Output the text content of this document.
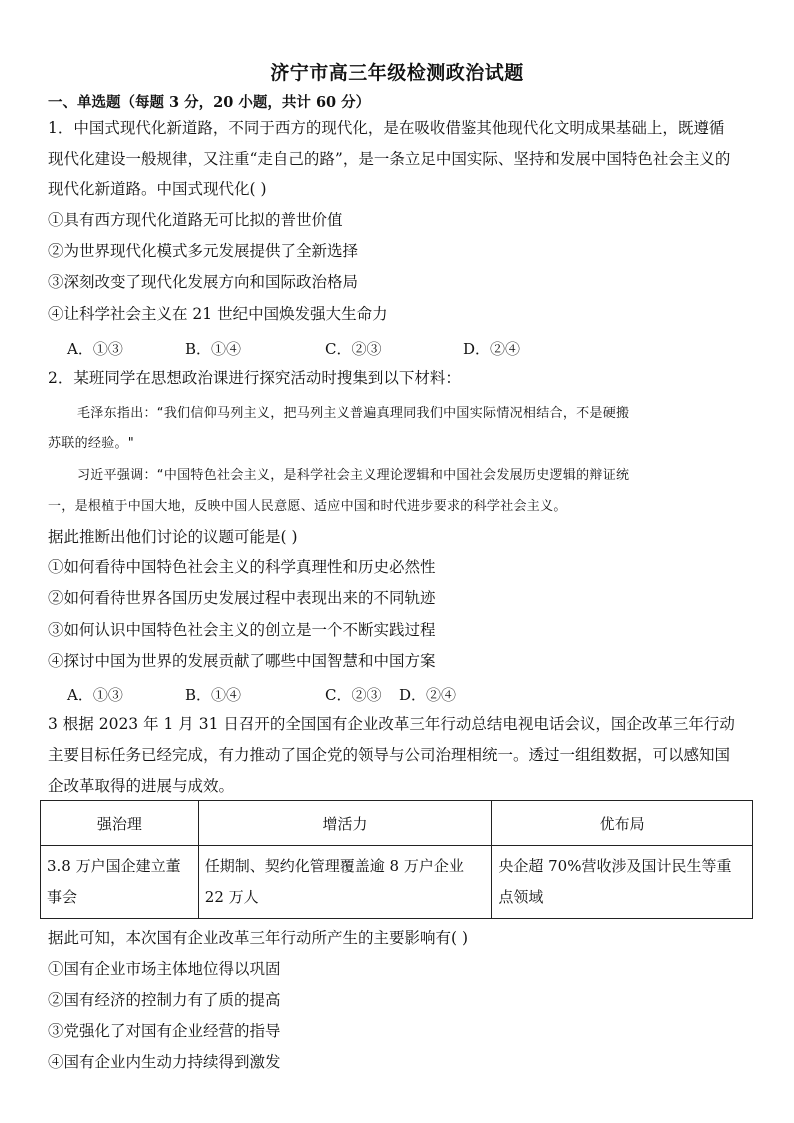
济宁市高三年级检测政治试题
一、单选题（每题 3 分，20 小题，共计 60 分）
1．中国式现代化新道路，不同于西方的现代化，是在吸收借鉴其他现代化文明成果基础上，既遵循
现代化建设一般规律，又注重“走自己的路”，是一条立足中国实际、坚持和发展中国特色社会主义的
现代化新道路。中国式现代化( )
①具有西方现代化道路无可比拟的普世价值
②为世界现代化模式多元发展提供了全新选择
③深刻改变了现代化发展方向和国际政治格局
④让科学社会主义在 21 世纪中国焕发强大生命力
A．①③	B．①④	C．②③	D．②④
2．某班同学在思想政治课进行探究活动时搜集到以下材料：
毛泽东指出：“我们信仰马列主义，把马列主义普遍真理同我们中国实际情况相结合，不是硬搬
苏联的经验。"
习近平强调：“中国特色社会主义，是科学社会主义理论逻辑和中国社会发展历史逻辑的辩证统
一，是根植于中国大地，反映中国人民意愿、适应中国和时代进步要求的科学社会主义。
据此推断出他们讨论的议题可能是( )
①如何看待中国特色社会主义的科学真理性和历史必然性
②如何看待世界各国历史发展过程中表现出来的不同轨迹
③如何认识中国特色社会主义的创立是一个不断实践过程
④探讨中国为世界的发展贡献了哪些中国智慧和中国方案
A．①③	B．①④	C．②③ D．②④
3 根据 2023 年 1 月 31 日召开的全国国有企业改革三年行动总结电视电话会议，国企改革三年行动
主要目标任务已经完成，有力推动了国企党的领导与公司治理相统一。透过一组组数据，可以感知国
企改革取得的进展与成效。
强治理	增活力	优布局
3.8 万户国企建立董事会	任期制、契约化管理覆盖逾 8 万户企业 22 万人	央企超 70%营收涉及国计民生等重点领域
据此可知，本次国有企业改革三年行动所产生的主要影响有( )
①国有企业市场主体地位得以巩固
②国有经济的控制力有了质的提高
③党强化了对国有企业经营的指导
④国有企业内生动力持续得到激发
